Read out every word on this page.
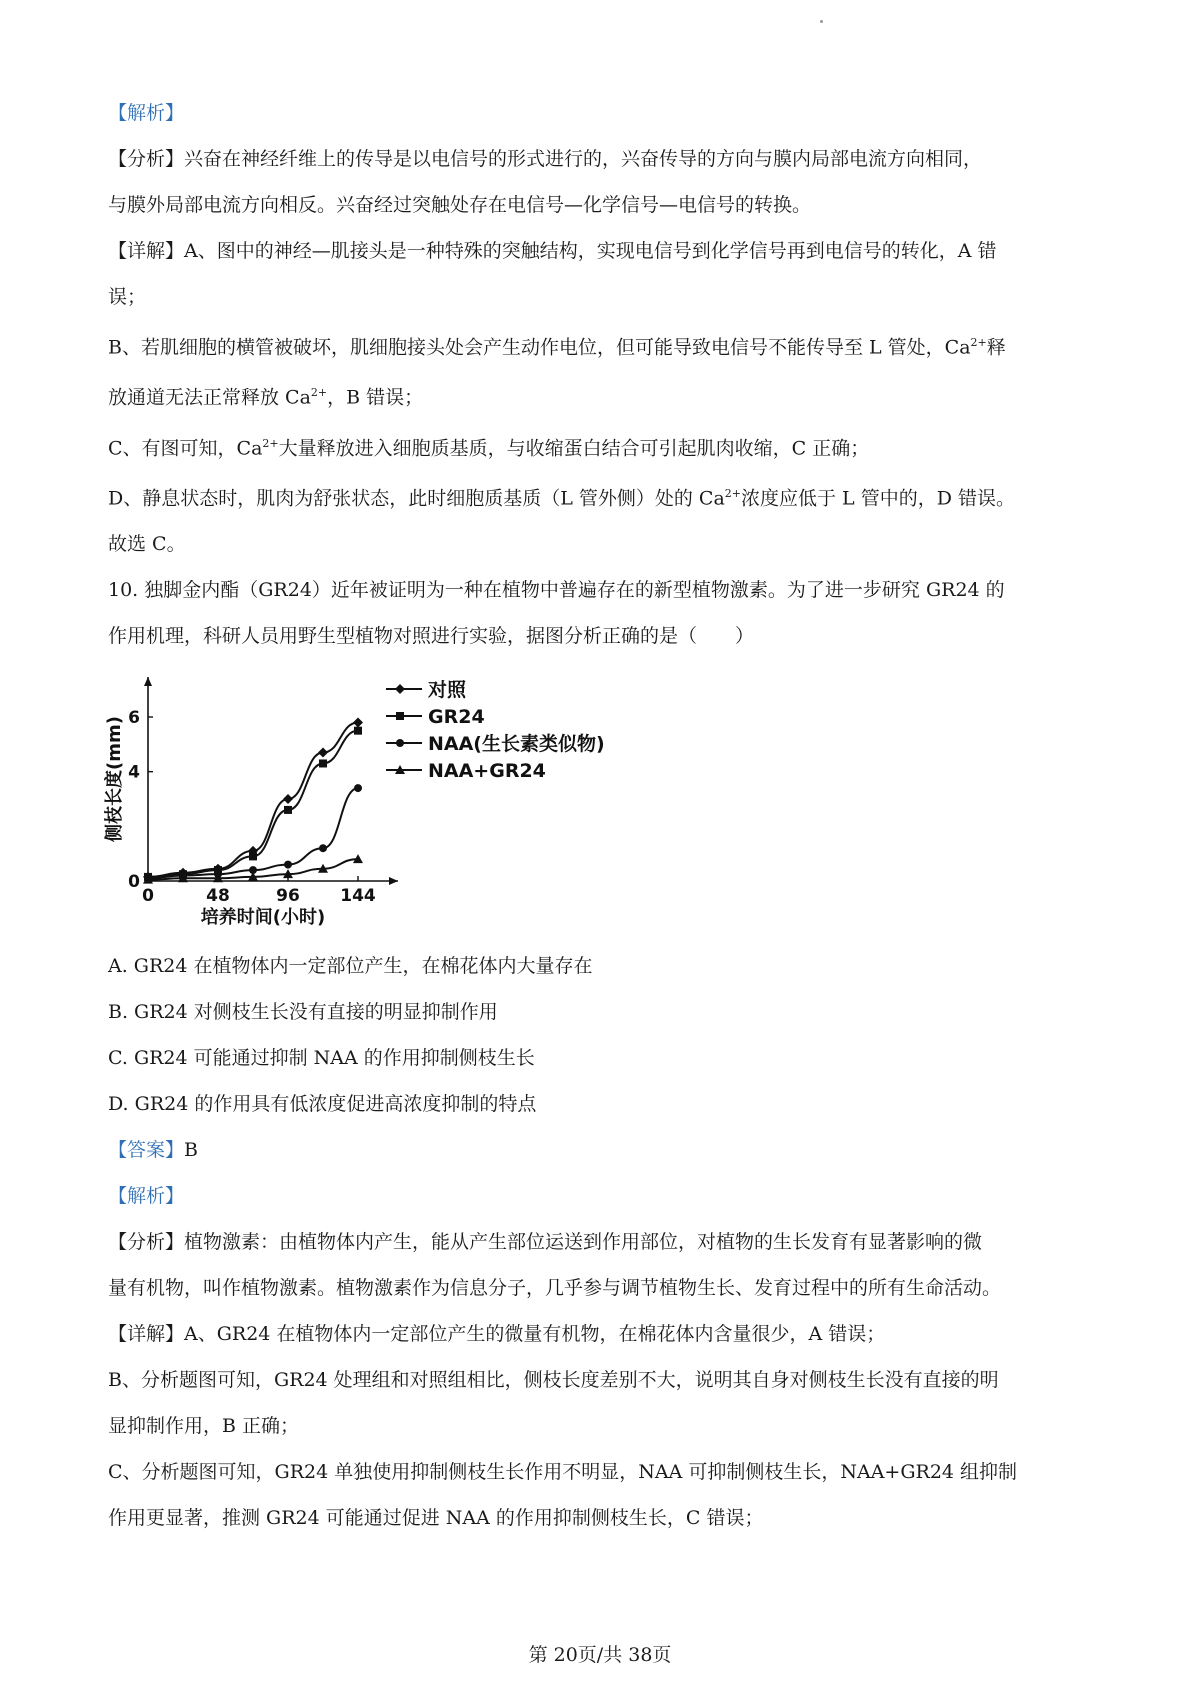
【解析】

【分析】兴奋在神经纤维上的传导是以电信号的形式进行的，兴奋传导的方向与膜内局部电流方向相同，
与膜外局部电流方向相反。兴奋经过突触处存在电信号—化学信号—电信号的转换。

【详解】A、图中的神经—肌接头是一种特殊的突触结构，实现电信号到化学信号再到电信号的转化，A 错
误；

B、若肌细胞的横管被破坏，肌细胞接头处会产生动作电位，但可能导致电信号不能传导至 L 管处，$Ca^{2+}$释
放通道无法正常释放 $Ca^{2+}$，B 错误；

C、有图可知，$Ca^{2+}$大量释放进入细胞质基质，与收缩蛋白结合可引起肌肉收缩，C 正确；

D、静息状态时，肌肉为舒张状态，此时细胞质基质（L 管外侧）处的 $Ca^{2+}$浓度应低于 L 管中的，D 错误。

故选 C。

10. 独脚金内酯（GR24）近年被证明为一种在植物中普遍存在的新型植物激素。为了进一步研究 GR24 的
作用机理，科研人员用野生型植物对照进行实验，据图分析正确的是（　　）

0	48	96 144
0
4
6
培养时间(小时)
侧枝长度(mm)
对照
GR24
NAA(生长素类似物)
NAA+GR24

A. GR24 在植物体内一定部位产生，在棉花体内大量存在

B. GR24 对侧枝生长没有直接的明显抑制作用

C. GR24 可能通过抑制 NAA 的作用抑制侧枝生长

D. GR24 的作用具有低浓度促进高浓度抑制的特点

【答案】B

【解析】

【分析】植物激素：由植物体内产生，能从产生部位运送到作用部位，对植物的生长发育有显著影响的微
量有机物，叫作植物激素。植物激素作为信息分子，几乎参与调节植物生长、发育过程中的所有生命活动。

【详解】A、GR24 在植物体内一定部位产生的微量有机物，在棉花体内含量很少，A 错误；

B、分析题图可知，GR24 处理组和对照组相比，侧枝长度差别不大，说明其自身对侧枝生长没有直接的明
显抑制作用，B 正确；

C、分析题图可知，GR24 单独使用抑制侧枝生长作用不明显，NAA 可抑制侧枝生长，NAA+GR24 组抑制
作用更显著，推测 GR24 可能通过促进 NAA 的作用抑制侧枝生长，C 错误；

第 20页/共 38页
